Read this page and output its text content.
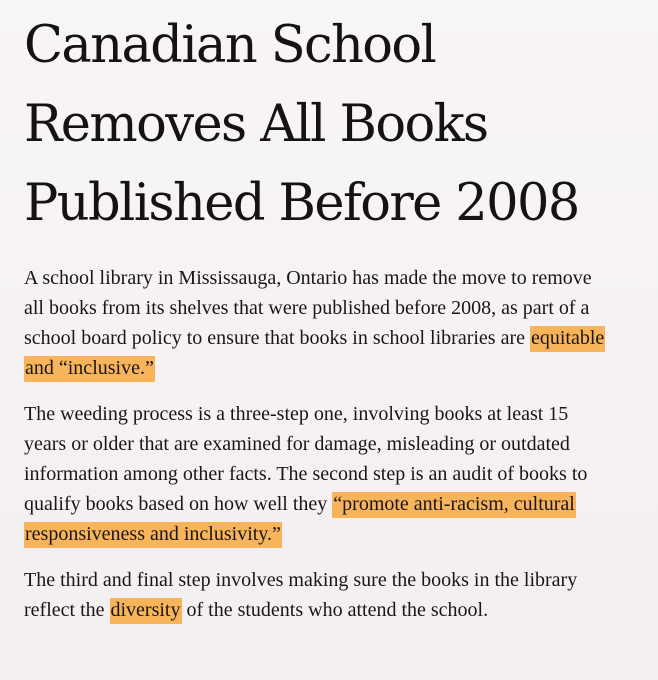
Canadian School
Removes All Books
Published Before 2008

A school library in Mississauga, Ontario has made the move to remove
all books from its shelves that were published before 2008, as part of a
school board policy to ensure that books in school libraries are equitable
and “inclusive.”

The weeding process is a three-step one, involving books at least 15
years or older that are examined for damage, misleading or outdated
information among other facts. The second step is an audit of books to
qualify books based on how well they “promote anti-racism, cultural
responsiveness and inclusivity.”

The third and final step involves making sure the books in the library
reflect the diversity of the students who attend the school.
